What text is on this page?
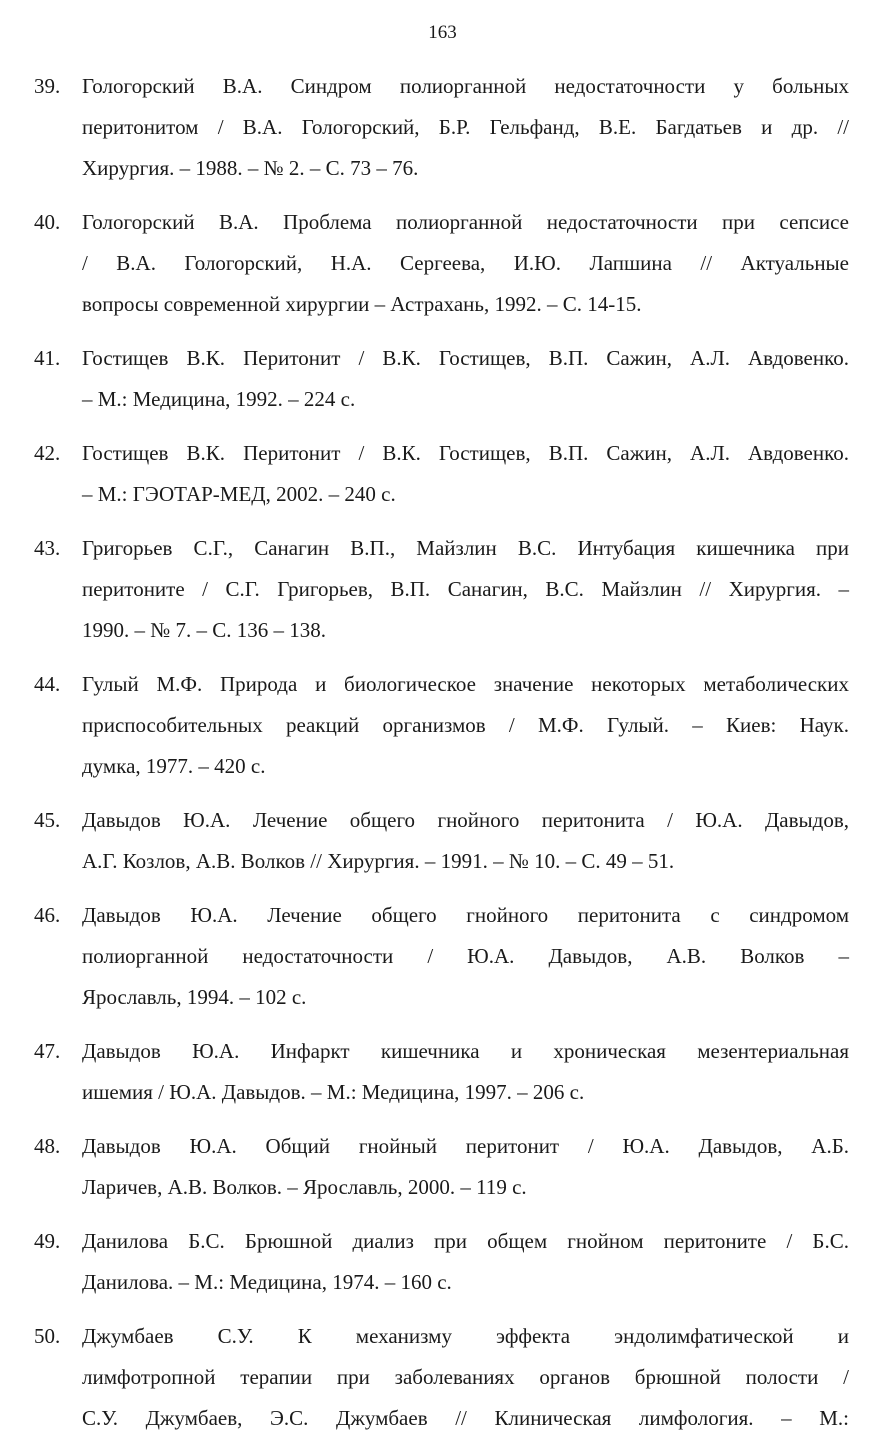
163
39. Гологорский В.А. Синдром полиорганной недостаточности у больных
перитонитом / В.А. Гологорский, Б.Р. Гельфанд, В.Е. Багдатьев и др. //
Хирургия. – 1988. – № 2. – С. 73 – 76.
40. Гологорский В.А. Проблема полиорганной недостаточности при сепсисе
/ В.А. Гологорский, Н.А. Сергеева, И.Ю. Лапшина // Актуальные
вопросы современной хирургии – Астрахань, 1992. – С. 14-15.
41. Гостищев В.К. Перитонит / В.К. Гостищев, В.П. Сажин, А.Л. Авдовенко.
– М.: Медицина, 1992. – 224 с.
42. Гостищев В.К. Перитонит / В.К. Гостищев, В.П. Сажин, А.Л. Авдовенко.
– М.: ГЭОТАР-МЕД, 2002. – 240 с.
43. Григорьев С.Г., Санагин В.П., Майзлин В.С. Интубация кишечника при
перитоните / С.Г. Григорьев, В.П. Санагин, В.С. Майзлин // Хирургия. –
1990. – № 7. – С. 136 – 138.
44. Гулый М.Ф. Природа и биологическое значение некоторых метаболических
приспособительных реакций организмов / М.Ф. Гулый. – Киев: Наук.
думка, 1977. – 420 с.
45. Давыдов Ю.А. Лечение общего гнойного перитонита / Ю.А. Давыдов,
А.Г. Козлов, А.В. Волков // Хирургия. – 1991. – № 10. – С. 49 – 51.
46. Давыдов Ю.А. Лечение общего гнойного перитонита с синдромом
полиорганной недостаточности / Ю.А. Давыдов, А.В. Волков –
Ярославль, 1994. – 102 с.
47. Давыдов Ю.А. Инфаркт кишечника и хроническая мезентериальная
ишемия / Ю.А. Давыдов. – М.: Медицина, 1997. – 206 с.
48. Давыдов Ю.А. Общий гнойный перитонит / Ю.А. Давыдов, А.Б.
Ларичев, А.В. Волков. – Ярославль, 2000. – 119 с.
49. Данилова Б.С. Брюшной диализ при общем гнойном перитоните / Б.С.
Данилова. – М.: Медицина, 1974. – 160 с.
50. Джумбаев С.У. К механизму эффекта эндолимфатической и
лимфотропной терапии при заболеваниях органов брюшной полости /
С.У. Джумбаев, Э.С. Джумбаев // Клиническая лимфология. – М.:
